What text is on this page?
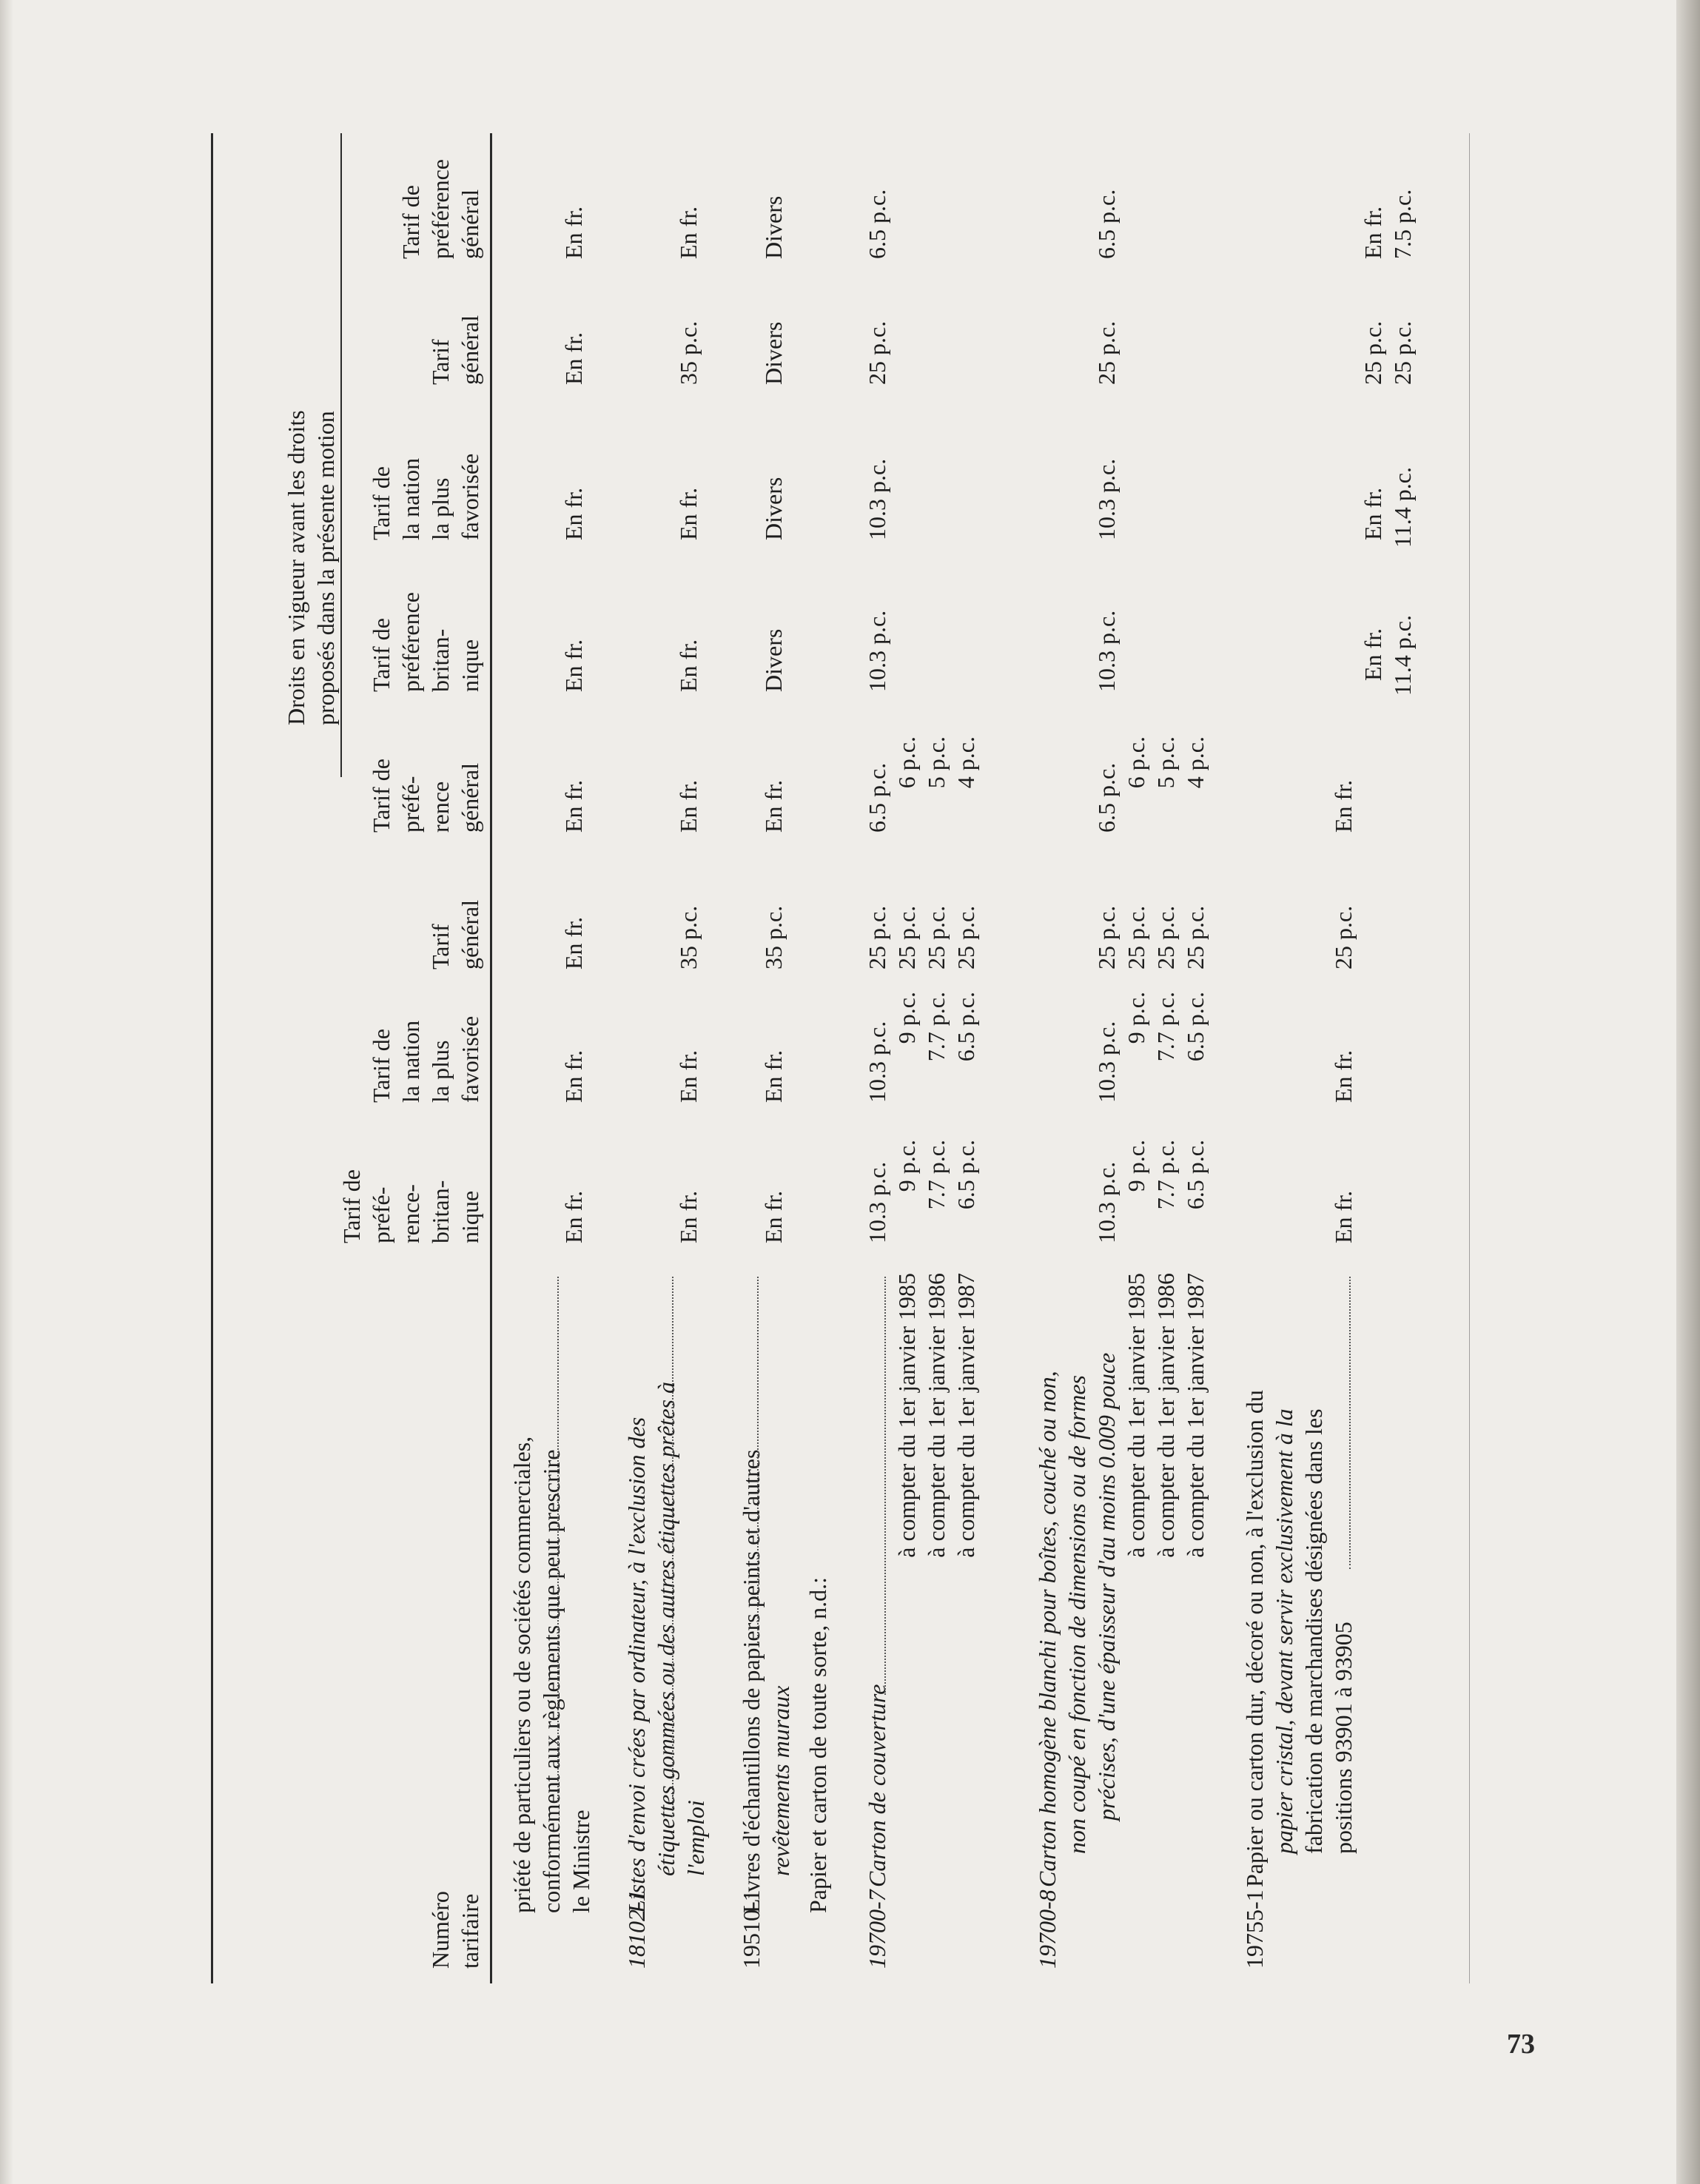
Numéro tarifaire
Droits en vigueur avant les droits proposés dans la présente motion
Tarif de préfé- rence- britan- nique
Tarif de la nation la plus favorisée
Tarif général
Tarif de préfé- rence général
Tarif de préférence britan- nique
Tarif de la nation la plus favorisée
Tarif général
Tarif de préférence général
priété de particuliers ou de sociétés commerciales, conformément aux règlements que peut prescrire le Ministre
En fr.
En fr.
En fr.
En fr.
En fr.
En fr.
En fr.
En fr.
18102-1
Listes d'envoi crées par ordinateur, à l'exclusion des étiquettes gommées ou des autres étiquettes prêtes à l'emploi
En fr.
En fr.
35 p.c.
En fr.
En fr.
En fr.
35 p.c.
En fr.
19510-1
Livres d'échantillons de papiers peints et d'autres revêtements muraux
En fr.
En fr.
35 p.c.
En fr.
Divers
Divers
Divers
Divers
Papier et carton de toute sorte, n.d.:
19700-7
Carton de couverture
10.3 p.c.
10.3 p.c.
25 p.c.
6.5 p.c.
10.3 p.c.
10.3 p.c.
25 p.c.
6.5 p.c.
à compter du 1er janvier 1985
9 p.c.
9 p.c.
25 p.c.
6 p.c.
à compter du 1er janvier 1986
7.7 p.c.
7.7 p.c.
25 p.c.
5 p.c.
à compter du 1er janvier 1987
6.5 p.c.
6.5 p.c.
25 p.c.
4 p.c.
19700-8
Carton homogène blanchi pour boîtes, couché ou non, non coupé en fonction de dimensions ou de formes précises, d'une épaisseur d'au moins 0.009 pouce
10.3 p.c.
10.3 p.c.
25 p.c.
6.5 p.c.
10.3 p.c.
10.3 p.c.
25 p.c.
6.5 p.c.
à compter du 1er janvier 1985
9 p.c.
9 p.c.
25 p.c.
6 p.c.
à compter du 1er janvier 1986
7.7 p.c.
7.7 p.c.
25 p.c.
5 p.c.
à compter du 1er janvier 1987
6.5 p.c.
6.5 p.c.
25 p.c.
4 p.c.
19755-1
Papier ou carton dur, décoré ou non, à l'exclusion du papier cristal, devant servir exclusivement à la fabrication de marchandises désignées dans les positions 93901 à 93905
En fr.
En fr.
25 p.c.
En fr.
En fr.
En fr.
25 p.c.
En fr.
11.4 p.c.
11.4 p.c.
25 p.c.
7.5 p.c.
73
